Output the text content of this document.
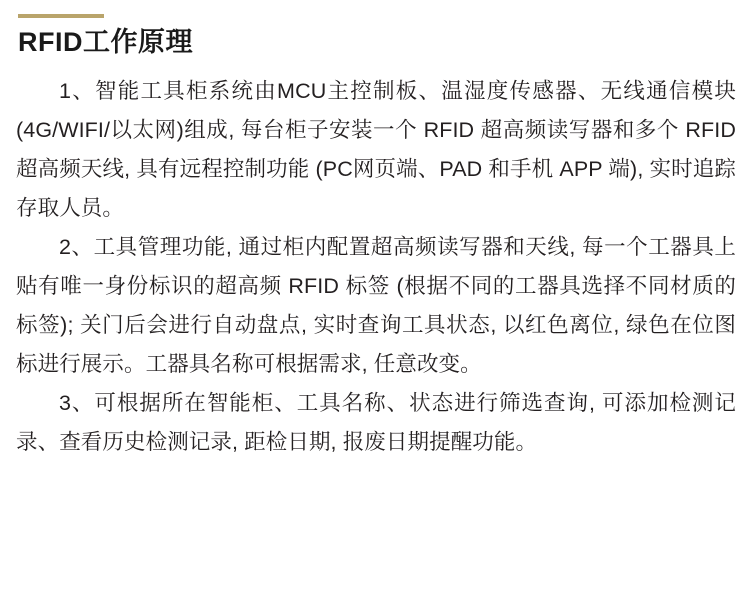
RFID工作原理

1、智能工具柜系统由MCU主控制板、温湿度传感器、无线通信模块(4G/WIFI/以太网)组成, 每台柜子安装一个 RFID 超高频读写器和多个 RFID 超高频天线, 具有远程控制功能 (PC网页端、PAD 和手机 APP 端), 实时追踪存取人员。

2、工具管理功能, 通过柜内配置超高频读写器和天线, 每一个工器具上贴有唯一身份标识的超高频 RFID 标签 (根据不同的工器具选择不同材质的标签); 关门后会进行自动盘点, 实时查询工具状态, 以红色离位, 绿色在位图标进行展示。工器具名称可根据需求, 任意改变。

3、可根据所在智能柜、工具名称、状态进行筛选查询, 可添加检测记录、查看历史检测记录, 距检日期, 报废日期提醒功能。
